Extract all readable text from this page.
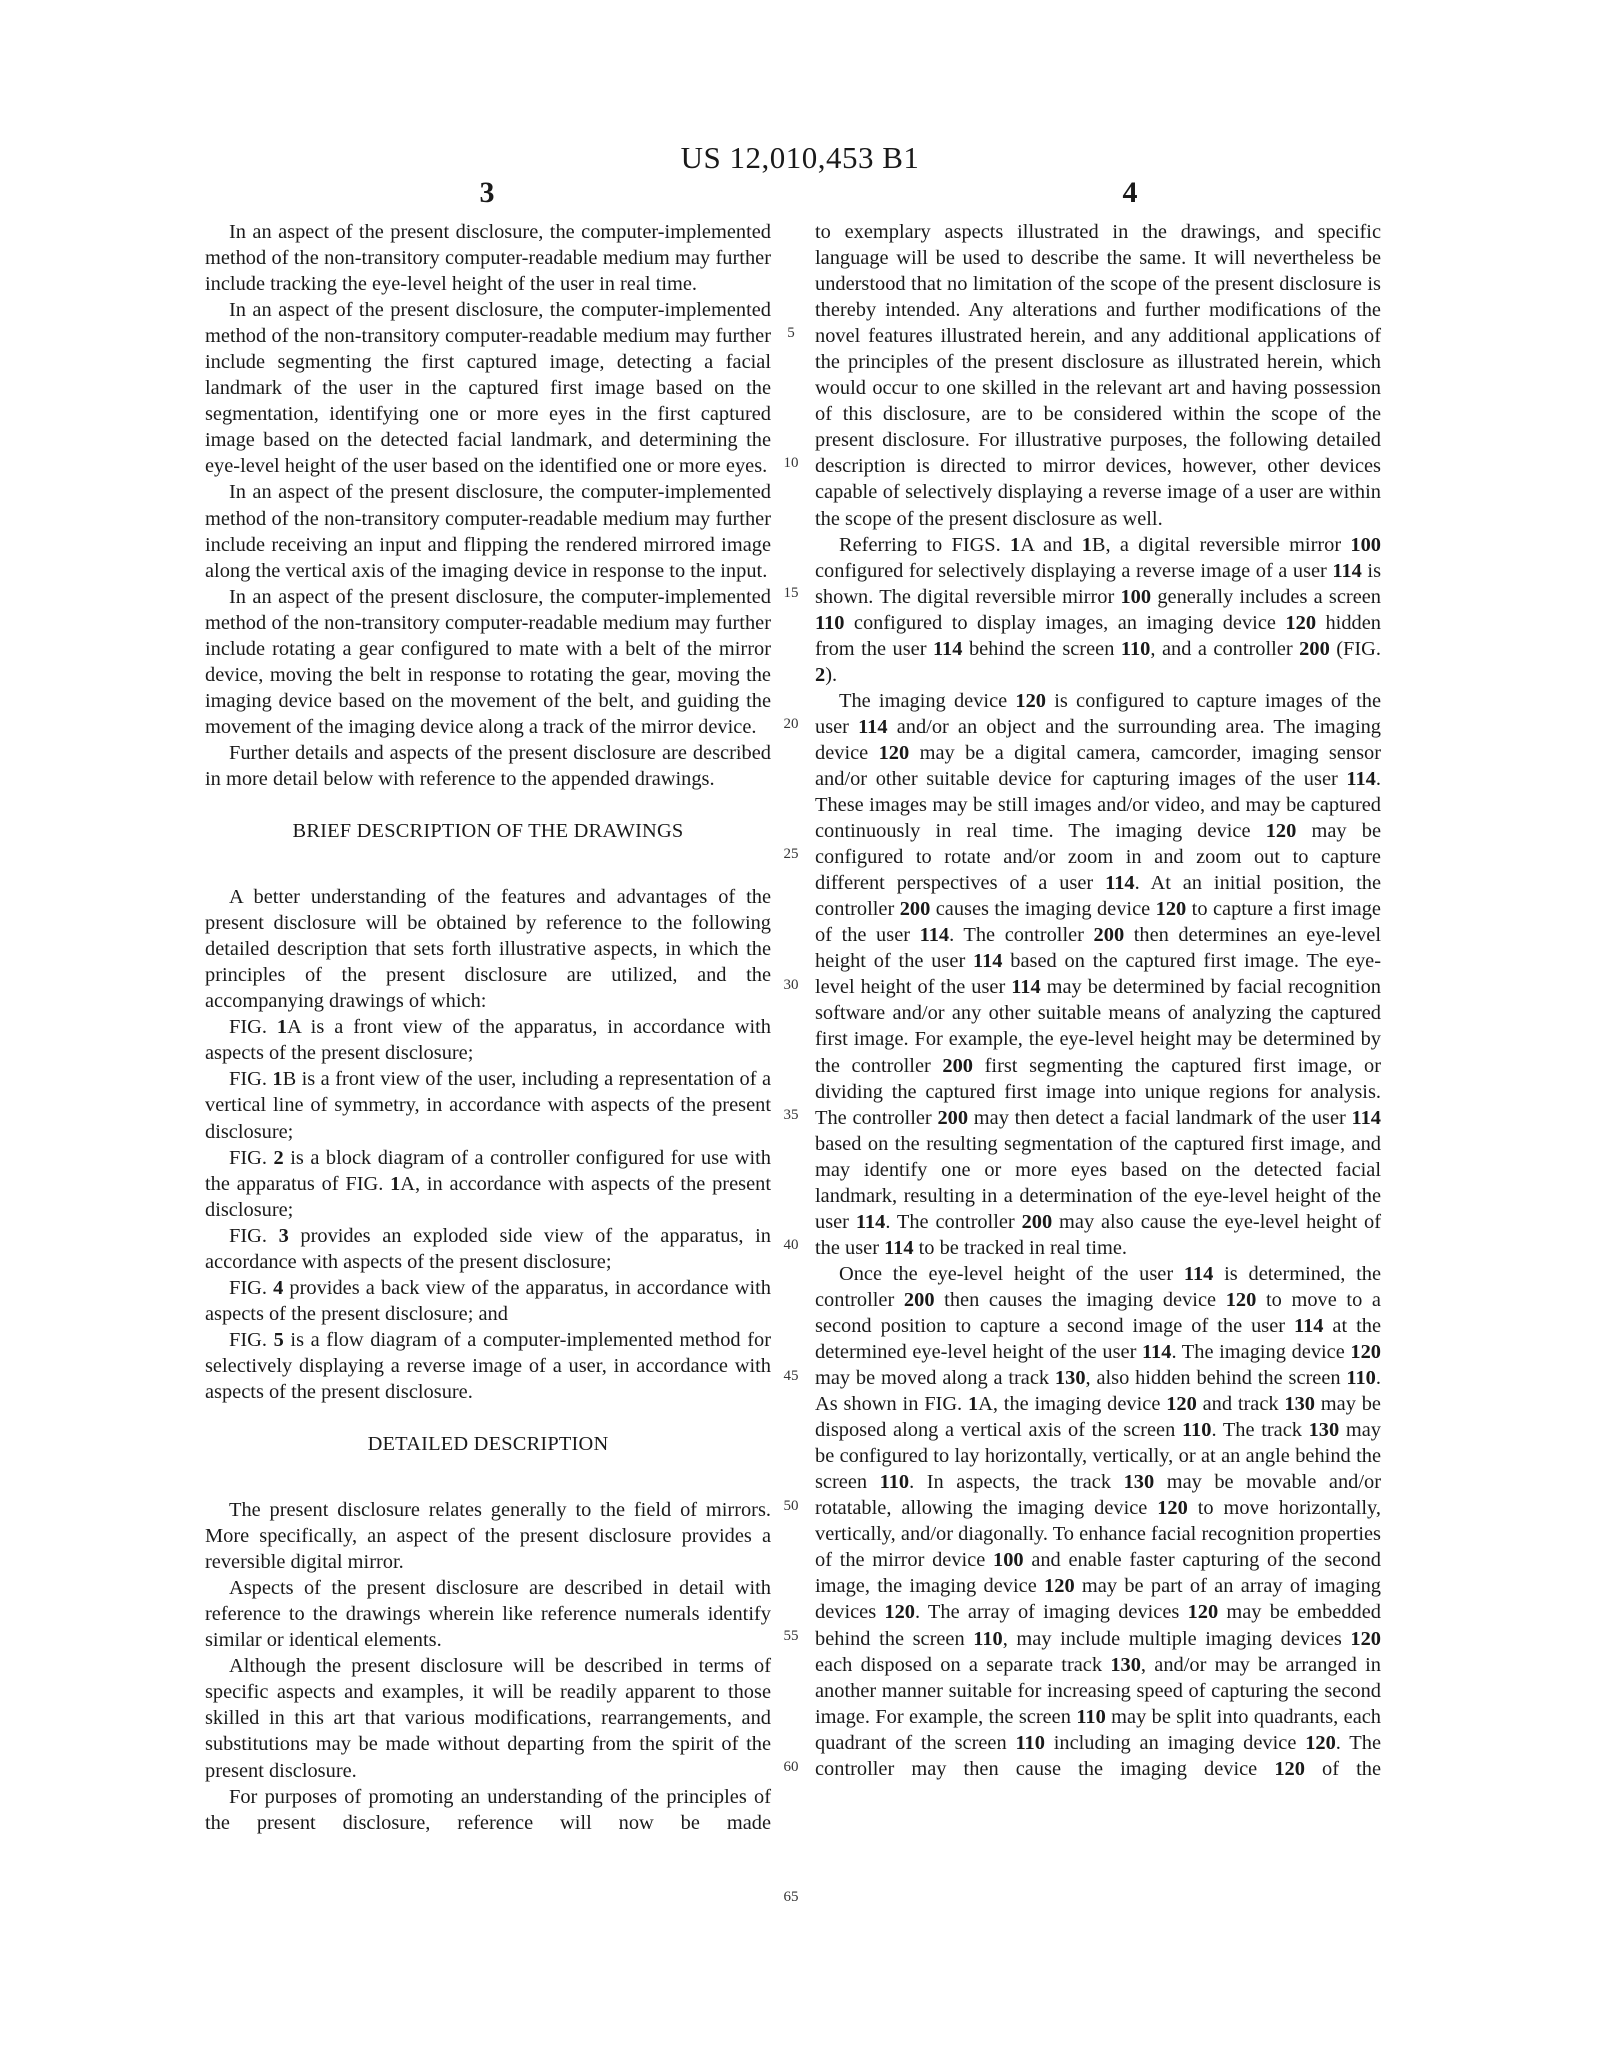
US 12,010,453 B1
3	4
5
10
15
20
25
30
35
40
45
50
55
60
65

In an aspect of the present disclosure, the computer-implemented method of the non-transitory computer-readable medium may further include tracking the eye-level height of the user in real time.

In an aspect of the present disclosure, the computer-implemented method of the non-transitory computer-readable medium may further include segmenting the first captured image, detecting a facial landmark of the user in the captured first image based on the segmentation, identifying one or more eyes in the first captured image based on the detected facial landmark, and determining the eye-level height of the user based on the identified one or more eyes.

In an aspect of the present disclosure, the computer-implemented method of the non-transitory computer-readable medium may further include receiving an input and flipping the rendered mirrored image along the vertical axis of the imaging device in response to the input.

In an aspect of the present disclosure, the computer-implemented method of the non-transitory computer-readable medium may further include rotating a gear configured to mate with a belt of the mirror device, moving the belt in response to rotating the gear, moving the imaging device based on the movement of the belt, and guiding the movement of the imaging device along a track of the mirror device.

Further details and aspects of the present disclosure are described in more detail below with reference to the appended drawings.

BRIEF DESCRIPTION OF THE DRAWINGS

A better understanding of the features and advantages of the present disclosure will be obtained by reference to the following detailed description that sets forth illustrative aspects, in which the principles of the present disclosure are utilized, and the accompanying drawings of which:

FIG. 1A is a front view of the apparatus, in accordance with aspects of the present disclosure;

FIG. 1B is a front view of the user, including a representation of a vertical line of symmetry, in accordance with aspects of the present disclosure;

FIG. 2 is a block diagram of a controller configured for use with the apparatus of FIG. 1A, in accordance with aspects of the present disclosure;

FIG. 3 provides an exploded side view of the apparatus, in accordance with aspects of the present disclosure;

FIG. 4 provides a back view of the apparatus, in accordance with aspects of the present disclosure; and

FIG. 5 is a flow diagram of a computer-implemented method for selectively displaying a reverse image of a user, in accordance with aspects of the present disclosure.

DETAILED DESCRIPTION

The present disclosure relates generally to the field of mirrors. More specifically, an aspect of the present disclosure provides a reversible digital mirror.

Aspects of the present disclosure are described in detail with reference to the drawings wherein like reference numerals identify similar or identical elements.

Although the present disclosure will be described in terms of specific aspects and examples, it will be readily apparent to those skilled in this art that various modifications, rearrangements, and substitutions may be made without departing from the spirit of the present disclosure.

For purposes of promoting an understanding of the principles of the present disclosure, reference will now be made

to exemplary aspects illustrated in the drawings, and specific language will be used to describe the same. It will nevertheless be understood that no limitation of the scope of the present disclosure is thereby intended. Any alterations and further modifications of the novel features illustrated herein, and any additional applications of the principles of the present disclosure as illustrated herein, which would occur to one skilled in the relevant art and having possession of this disclosure, are to be considered within the scope of the present disclosure. For illustrative purposes, the following detailed description is directed to mirror devices, however, other devices capable of selectively displaying a reverse image of a user are within the scope of the present disclosure as well.

Referring to FIGS. 1A and 1B, a digital reversible mirror 100 configured for selectively displaying a reverse image of a user 114 is shown. The digital reversible mirror 100 generally includes a screen 110 configured to display images, an imaging device 120 hidden from the user 114 behind the screen 110, and a controller 200 (FIG. 2).

The imaging device 120 is configured to capture images of the user 114 and/or an object and the surrounding area. The imaging device 120 may be a digital camera, camcorder, imaging sensor and/or other suitable device for capturing images of the user 114. These images may be still images and/or video, and may be captured continuously in real time. The imaging device 120 may be configured to rotate and/or zoom in and zoom out to capture different perspectives of a user 114. At an initial position, the controller 200 causes the imaging device 120 to capture a first image of the user 114. The controller 200 then determines an eye-level height of the user 114 based on the captured first image. The eye-level height of the user 114 may be determined by facial recognition software and/or any other suitable means of analyzing the captured first image. For example, the eye-level height may be determined by the controller 200 first segmenting the captured first image, or dividing the captured first image into unique regions for analysis. The controller 200 may then detect a facial landmark of the user 114 based on the resulting segmentation of the captured first image, and may identify one or more eyes based on the detected facial landmark, resulting in a determination of the eye-level height of the user 114. The controller 200 may also cause the eye-level height of the user 114 to be tracked in real time.

Once the eye-level height of the user 114 is determined, the controller 200 then causes the imaging device 120 to move to a second position to capture a second image of the user 114 at the determined eye-level height of the user 114. The imaging device 120 may be moved along a track 130, also hidden behind the screen 110. As shown in FIG. 1A, the imaging device 120 and track 130 may be disposed along a vertical axis of the screen 110. The track 130 may be configured to lay horizontally, vertically, or at an angle behind the screen 110. In aspects, the track 130 may be movable and/or rotatable, allowing the imaging device 120 to move horizontally, vertically, and/or diagonally. To enhance facial recognition properties of the mirror device 100 and enable faster capturing of the second image, the imaging device 120 may be part of an array of imaging devices 120. The array of imaging devices 120 may be embedded behind the screen 110, may include multiple imaging devices 120 each disposed on a separate track 130, and/or may be arranged in another manner suitable for increasing speed of capturing the second image. For example, the screen 110 may be split into quadrants, each quadrant of the screen 110 including an imaging device 120. The controller may then cause the imaging device 120 of the
